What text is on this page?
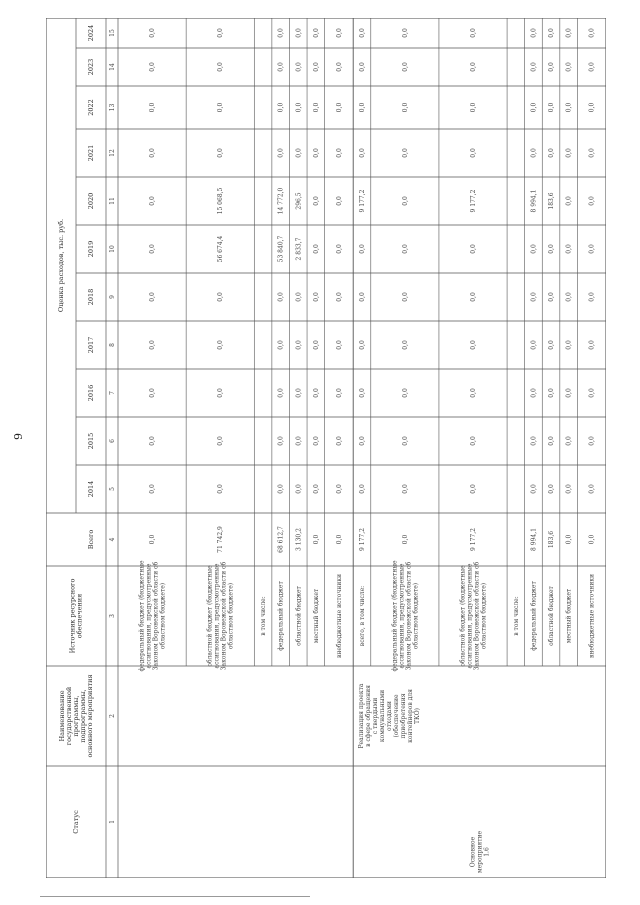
9
Статус
Наименованиегосударственнойпрограммы,подпрограммы,основного мероприятия
Источник ресурсногообеспечения
Всего
Оценка расходов, тыс. руб.
2014
2015
2016
2017
2018
2019
2020
2021
2022
2023
2024
1
2
3
4
5
6
7
8
9
10
11
12
13
14
15
Основноемероприятие1.6
Реализация проектав сфере обращенияс твердымикоммунальнымиотходами(обеспечениеприобретенияконтейнеров дляТКО)
федеральный бюджет (бюджетныеассигнования, предусмотренныеЗаконом Воронежской области обобластном бюджете)
0,0
0,0
0,0
0,0
0,0
0,0
0,0
0,0
0,0
0,0
0,0
0,0
областной бюджет (бюджетныеассигнования, предусмотренныеЗаконом Воронежской области обобластном бюджете)
71 742,9
0,0
0,0
0,0
0,0
0,0
56 674,4
15 068,5
0,0
0,0
0,0
0,0
в том числе: федеральный бюджет
68 612,7
0,0
0,0
0,0
0,0
0,0
53 840,7
14 772,0
0,0
0,0
0,0
0,0
областной бюджет
3 130,2
0,0
0,0
0,0
0,0
0,0
2 833,7
296,5
0,0
0,0
0,0
0,0
местный бюджет
0,0
0,0
0,0
0,0
0,0
0,0
0,0
0,0
0,0
0,0
0,0
0,0
внебюджетные источники
0,0
0,0
0,0
0,0
0,0
0,0
0,0
0,0
0,0
0,0
0,0
0,0
всего, в том числе:
9 177,2
0,0
0,0
0,0
0,0
0,0
0,0
9 177,2
0,0
0,0
0,0
0,0
федеральный бюджет (бюджетныеассигнования, предусмотренныеЗаконом Воронежской области обобластном бюджете)
0,0
0,0
0,0
0,0
0,0
0,0
0,0
0,0
0,0
0,0
0,0
0,0
областной бюджет (бюджетныеассигнования, предусмотренныеЗаконом Воронежской области обобластном бюджете)
9 177,2
0,0
0,0
0,0
0,0
0,0
0,0
9 177,2
0,0
0,0
0,0
0,0
в том числе: федеральный бюджет
8 994,1
0,0
0,0
0,0
0,0
0,0
0,0
8 994,1
0,0
0,0
0,0
0,0
областной бюджет
183,6
0,0
0,0
0,0
0,0
0,0
0,0
183,6
0,0
0,0
0,0
0,0
местный бюджет
0,0
0,0
0,0
0,0
0,0
0,0
0,0
0,0
0,0
0,0
0,0
0,0
внебюджетные источники
0,0
0,0
0,0
0,0
0,0
0,0
0,0
0,0
0,0
0,0
0,0
0,0
